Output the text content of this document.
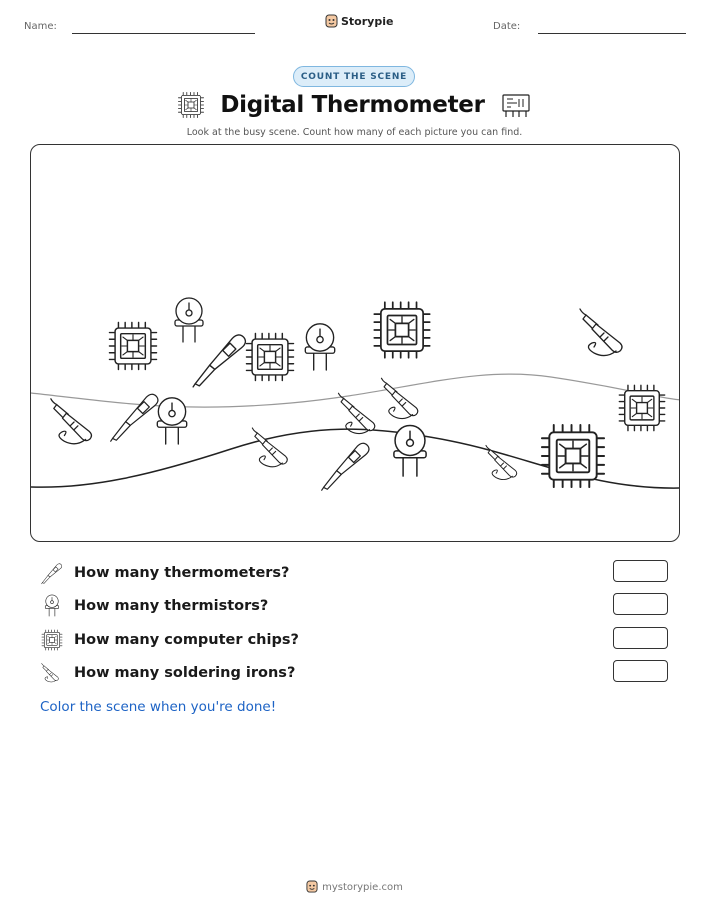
Name:	Storypie	Date:
COUNT THE SCENE
Digital Thermometer
Look at the busy scene. Count how many of each picture you can find.
How many thermometers?
How many thermistors?
How many computer chips?
How many soldering irons?
Color the scene when you're done!
mystorypie.com
